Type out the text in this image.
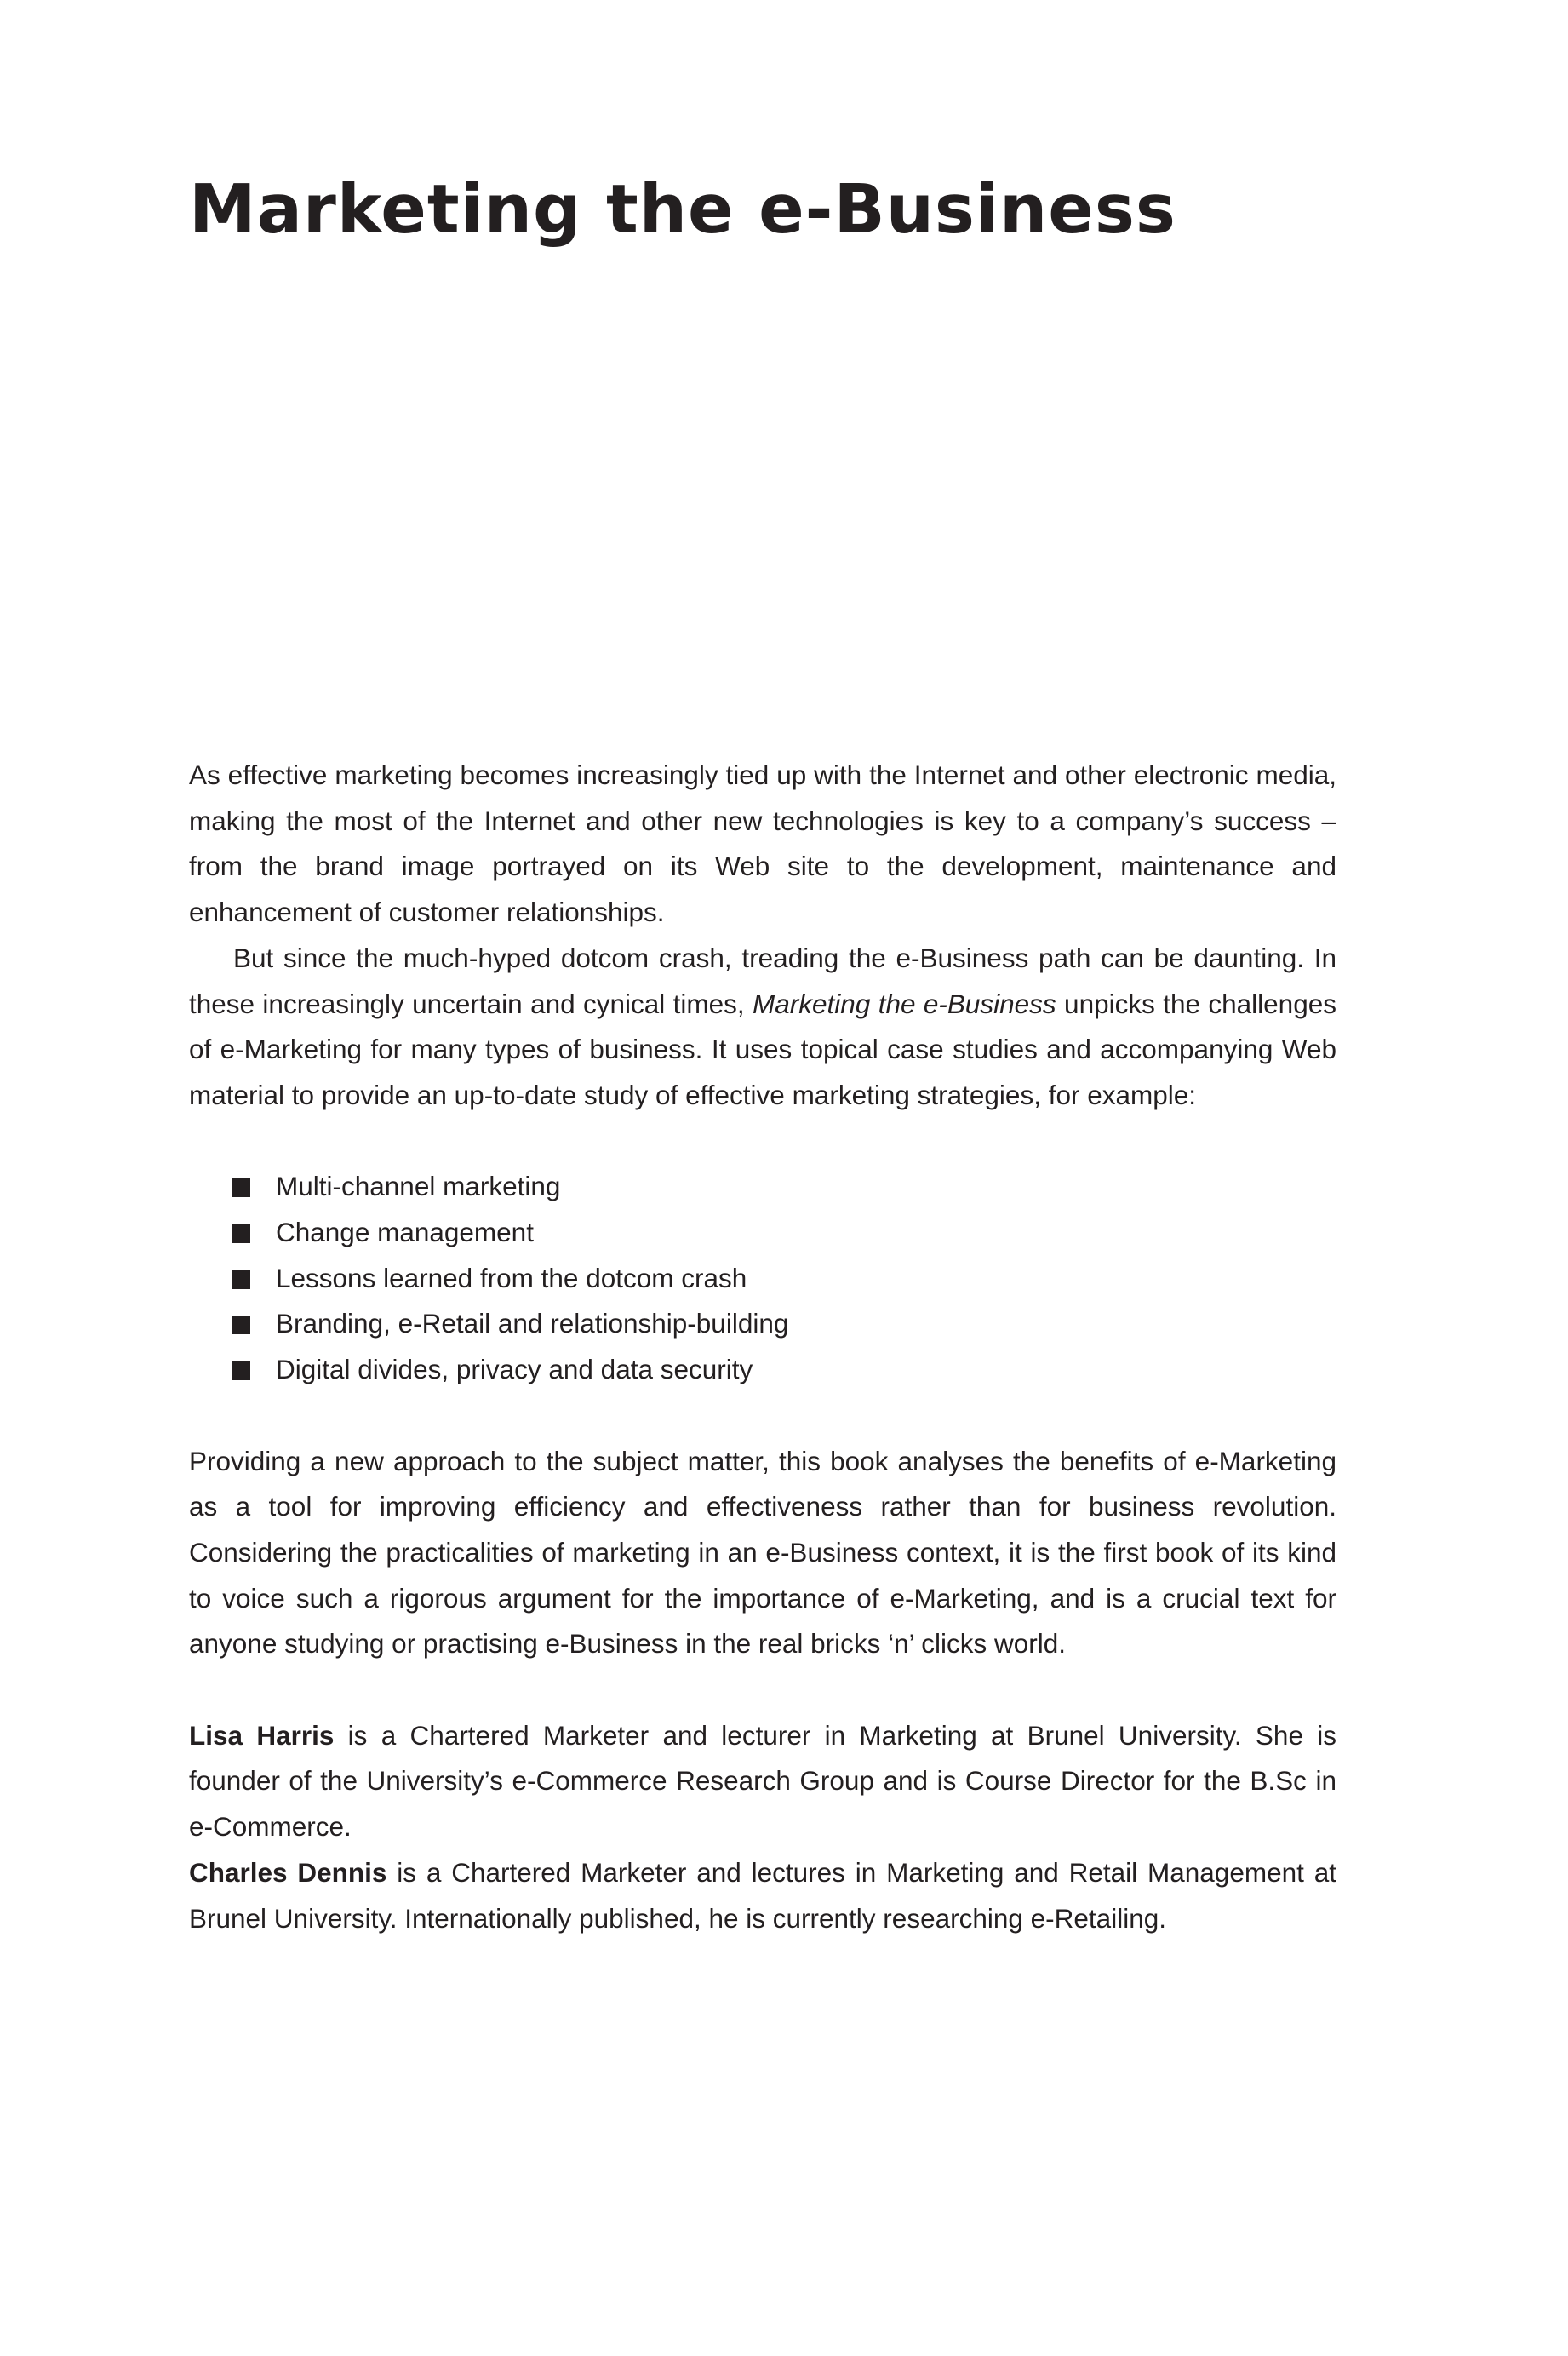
Marketing the e-Business

As effective marketing becomes increasingly tied up with the Internet and other electronic media, making the most of the Internet and other new technologies is key to a company’s success – from the brand image portrayed on its Web site to the development, maintenance and enhancement of customer relationships.

But since the much-hyped dotcom crash, treading the e-Business path can be daunting. In these increasingly uncertain and cynical times, Marketing the e-Business unpicks the challenges of e-Marketing for many types of business. It uses topical case studies and accompanying Web material to provide an up-to-date study of effective marketing strategies, for example:

Multi-channel marketing
Change management
Lessons learned from the dotcom crash
Branding, e-Retail and relationship-building
Digital divides, privacy and data security

Providing a new approach to the subject matter, this book analyses the benefits of e-Marketing as a tool for improving efficiency and effectiveness rather than for business revolution. Considering the practicalities of marketing in an e-Business context, it is the first book of its kind to voice such a rigorous argument for the importance of e-Marketing, and is a crucial text for anyone studying or practising e-Business in the real bricks ‘n’ clicks world.

Lisa Harris is a Chartered Marketer and lecturer in Marketing at Brunel University. She is founder of the University’s e-Commerce Research Group and is Course Director for the B.Sc in e-Commerce.

Charles Dennis is a Chartered Marketer and lectures in Marketing and Retail Management at Brunel University. Internationally published, he is currently researching e-Retailing.
